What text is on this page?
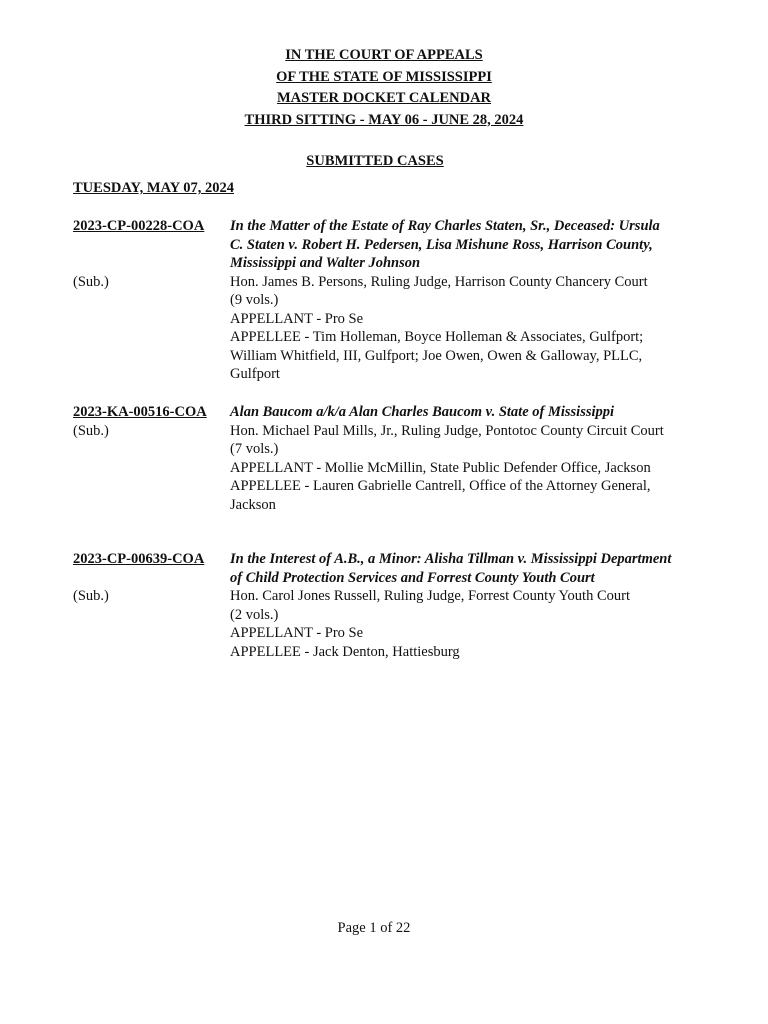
IN THE COURT OF APPEALS
OF THE STATE OF MISSISSIPPI
MASTER DOCKET CALENDAR
THIRD SITTING - MAY 06 - JUNE 28, 2024
SUBMITTED CASES
TUESDAY, MAY 07, 2024
2023-CP-00228-COA	In the Matter of the Estate of Ray Charles Staten, Sr., Deceased: Ursula C. Staten v. Robert H. Pedersen, Lisa Mishune Ross, Harrison County, Mississippi and Walter Johnson
(Sub.)	Hon. James B. Persons, Ruling Judge, Harrison County Chancery Court
(9 vols.)
APPELLANT - Pro Se
APPELLEE - Tim Holleman, Boyce Holleman & Associates, Gulfport; William Whitfield, III, Gulfport; Joe Owen, Owen & Galloway, PLLC, Gulfport
2023-KA-00516-COA	Alan Baucom a/k/a Alan Charles Baucom v. State of Mississippi
(Sub.)	Hon. Michael Paul Mills, Jr., Ruling Judge, Pontotoc County Circuit Court
(7 vols.)
APPELLANT - Mollie McMillin, State Public Defender Office, Jackson
APPELLEE - Lauren Gabrielle Cantrell, Office of the Attorney General, Jackson
2023-CP-00639-COA	In the Interest of A.B., a Minor: Alisha Tillman v. Mississippi Department of Child Protection Services and Forrest County Youth Court
(Sub.)	Hon. Carol Jones Russell, Ruling Judge, Forrest County Youth Court
(2 vols.)
APPELLANT - Pro Se
APPELLEE - Jack Denton, Hattiesburg
Page 1 of 22
